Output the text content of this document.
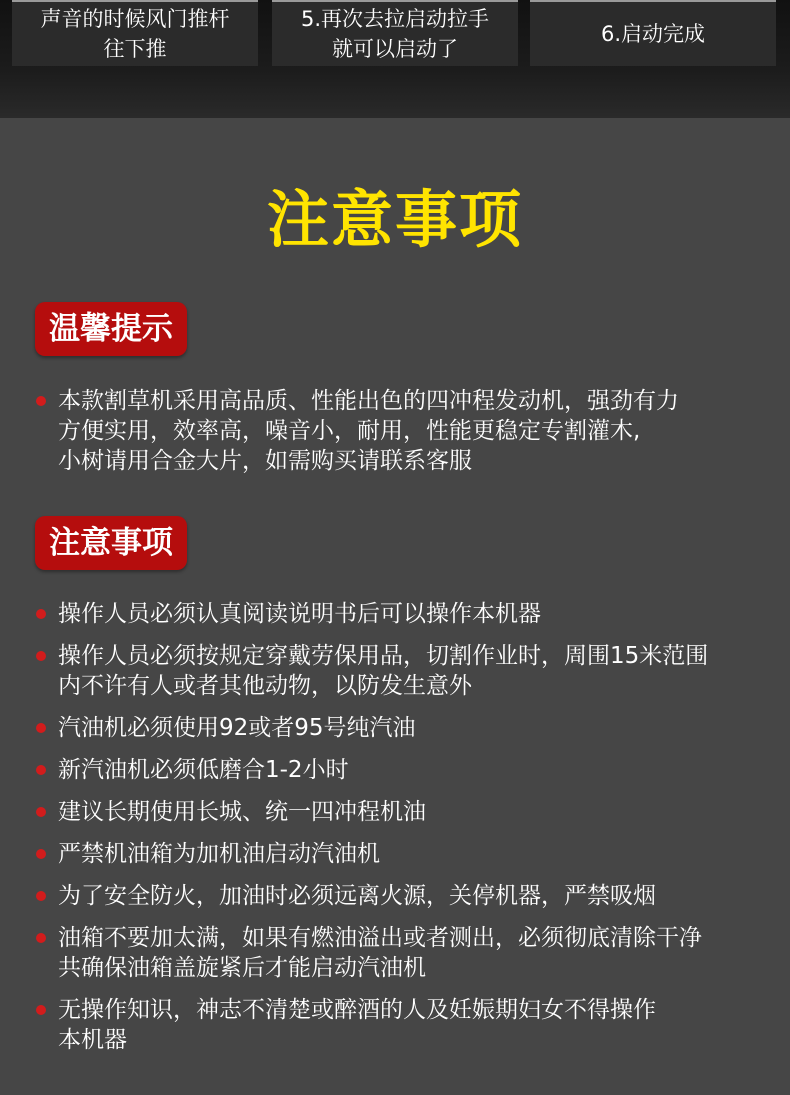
声音的时候风门推杆
往下推
5.再次去拉启动拉手
就可以启动了
6.启动完成
注意事项
温馨提示
本款割草机采用高品质、性能出色的四冲程发动机，强劲有力
方便实用，效率高，噪音小，耐用，性能更稳定专割灌木,
小树请用合金大片，如需购买请联系客服
注意事项
操作人员必须认真阅读说明书后可以操作本机器
操作人员必须按规定穿戴劳保用品，切割作业时，周围15米范围
内不许有人或者其他动物，以防发生意外
汽油机必须使用92或者95号纯汽油
新汽油机必须低磨合1-2小时
建议长期使用长城、统一四冲程机油
严禁机油箱为加机油启动汽油机
为了安全防火，加油时必须远离火源，关停机器，严禁吸烟
油箱不要加太满，如果有燃油溢出或者测出，必须彻底清除干净
共确保油箱盖旋紧后才能启动汽油机
无操作知识，神志不清楚或醉酒的人及妊娠期妇女不得操作
本机器
